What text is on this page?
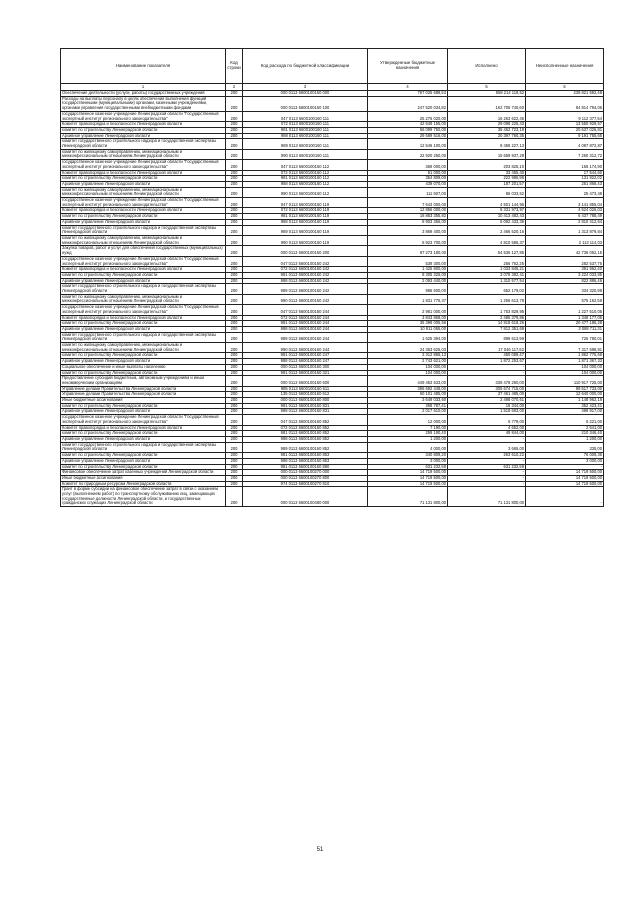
Наименование показателя	Код строки	Код расхода по бюджетной классификации	Утвержденные бюджетные назначения	Исполнено	Неисполненные назначения
1	2	3	4	5	6
Обеспечение деятельности (услуги, работы) государственных учреждений	200	000 0113 6600100160 000	797 025 689,53	558 214 118,52	238 821 592,48
Расходы на выплаты персоналу в целях обеспечения выполнения функций государственными (муниципальными) органами, казенными учреждениями, органами управления государственными внебюджетными фондами	200	000 0113 6600100160 100	247 520 034,82	162 705 740,60	84 814 794,06
государственное казенное учреждение Ленинградской области "Государственный экспертный институт регионального законодательства"	200	047 0113 6600100160 111	25 276 020,00	16 263 622,46	9 112 377,54
Комитет правопорядка и безопасности Ленинградской области	200	072 0113 6600100160 111	42 649 155,00	29 098 225,43	13 550 929,57
комитет по строительству Ленинградской области	200	981 0113 6600100160 111	56 099 750,00	35 462 723,19	20 637 026,81
Архивное управление Ленинградской области	200	988 0113 6600100160 111	29 589 516,00	20 397 760,35	9 191 755,65
комитет государственного строительного надзора и государственной экспертизы Ленинградской области	200	989 0113 6600100160 111	12 546 100,00	8 458 227,13	4 087 872,87
комитет по жилищному самоуправлению, межнациональным и межконфессиональным отношениям Ленинградской области	200	990 0113 6600100160 111	22 920 250,00	15 659 937,28	7 260 312,72
государственное казенное учреждение Ленинградской области "Государственный экспертный институт регионального законодательства"	200	047 0113 6600100160 112	369 000,00	203 825,10	165 174,90
Комитет правопорядка и безопасности Ленинградской области	200	072 0113 6600100160 112	51 000,00	33 455,40	17 544,60
комитет по строительству Ленинградской области	200	981 0113 6600100160 112	354 809,00	222 986,98	131 822,02
Архивное управление Ленинградской области	200	988 0113 6600100160 112	439 070,00	187 201,57	251 868,43
комитет по жилищному самоуправлению, межнациональным и межконфессиональным отношениям Ленинградской области	200	990 0113 6600100160 112	111 507,00	86 033,52	25 473,48
государственное казенное учреждение Ленинградской области "Государственный экспертный институт регионального законодательства"	200	047 0113 6600100160 119	7 643 000,00	4 501 144,96	3 141 855,04
Комитет правопорядка и безопасности Ленинградской области	200	072 0113 6600100160 119	12 856 000,00	8 331 973,97	4 524 026,03
комитет по строительству Ленинградской области	200	981 0113 6600100160 119	16 853 355,82	10 413 482,43	6 437 788,49
Архивное управление Ленинградской области	200	988 0113 6600100160 119	8 903 356,00	6 092 433,36	2 810 412,64
комитет государственного строительного надзора и государственной экспертизы Ленинградской области	200	989 0113 6600100160 119	3 869 400,00	2 466 520,16	1 313 879,84
комитет по жилищному самоуправлению, межнациональным и межконфессиональным отношениям Ленинградской области	200	990 0113 6600100160 119	6 923 700,00	4 810 586,37	2 113 114,03
Закупка товаров, работ и услуг для обеспечения государственных (муниципальных) нужд	200	000 0113 6600100160 200	97 273 180,00	54 536 127,85	42 736 052,15
государственное казенное учреждение Ленинградской области "Государственный экспертный институт регионального законодательства"	200	047 0113 6600100160 242	539 300,00	256 762,25	282 537,75
Комитет правопорядка и безопасности Ленинградской области	200	072 0113 6600100160 242	1 425 800,00	1 033 845,21	391 962,40
комитет по строительству Ленинградской области	200	981 0113 6600100160 242	8 305 326,00	3 078 392,41	3 224 033,85
Архивное управление Ленинградской области	200	988 0113 6600100160 242	2 093 440,00	1 310 577,54	822 886,46
комитет государственного строительного надзора и государственной экспертизы Ленинградской области	200	989 0113 6600100160 242	986 500,00	652 179,02	334 320,98
комитет по жилищному самоуправлению, межнациональным и межконфессиональным отношениям Ленинградской области	200	990 0113 6600100160 242	1 831 775,37	1 256 613,78	575 162,59
государственное казенное учреждение Ленинградской области "Государственный экспертный институт регионального законодательства"	200	047 0113 6600100160 244	2 981 000,00	1 753 829,95	1 227 510,05
Комитет правопорядка и безопасности Ленинградской области	200	072 0113 6600100160 244	3 843 868,00	2 486 379,86	1 348 177,06
комитет по строительству Ленинградской области	200	981 0113 6600100160 244	35 398 005,56	14 918 618,26	20 477 186,28
Архивное управление Ленинградской области	200	988 0113 6600100160 244	10 911 065,00	7 812 351,69	3 088 711,31
комитет государственного строительного надзора и государственной экспертизы Ленинградской области	200	989 0113 6600100160 244	1 625 394,00	898 613,99	726 780,01
комитет по жилищному самоуправлению, межнациональным и межконфессиональным отношениям Ленинградской области	200	990 0113 6600100160 244	24 363 626,03	17 046 117,62	7 317 598,81
комитет по строительству Ленинградской области	200	981 0113 6600100160 247	2 312 865,13	450 089,47	1 862 775,66
Архивное управление Ленинградской области	200	988 0113 6600100160 247	2 743 621,00	1 872 253,67	1 871 367,33
Социальное обеспечение и иные выплаты населению	200	000 0113 6600100160 300	104 000,00	-	104 000,00
комитет по строительству Ленинградской области	200	981 0113 6600100160 321	104 000,00	-	104 000,00
Предоставление субсидий бюджетным, автономным учреждениям и иным некоммерческим организациям	200	000 0113 6600100160 600	449 453 533,00	338 478 250,00	110 917 725,00
Управление делами Правительства Ленинградской области	200	985 0113 6600100160 611	395 592 448,00	305 674 715,00	89 517 733,00
Управление делами Правительства Ленинградской области	200	135 0113 6600100160 612	50 101 485,00	37 461 485,00	12 640 000,00
Иные бюджетные ассигнования	200	000 0113 6600100160 800	3 649 033,60	2 498 070,61	1 148 962,19
комитет по строительству Ленинградской области	200	981 0113 6600100160 831	368 787,41	16 344,00	352 423,41
Архивное управление Ленинградской области	200	988 0113 6600100160 831	2 017 610,00	1 518 693,00	498 917,00
государственное казенное учреждение Ленинградской области "Государственный экспертный институт регионального законодательства"	200	047 0113 6600100160 852	12 000,00	6 779,00	5 221,00
Комитет правопорядка и безопасности Ленинградской области	200	072 0113 6600100160 852	7 190,00	4 652,00	2 541,00
комитет по строительству Ленинградской области	200	981 0113 6600100160 852	259 190,40	49 844,00	210 346,40
Архивное управление Ленинградской области	200	988 0113 6600100160 852	1 200,00	-	1 200,00
комитет государственного строительного надзора и государственной экспертизы Ленинградской области	200	989 0113 6600100160 852	4 000,00	3 665,00	335,00
комитет по строительству Ленинградской области	200	981 0113 6600100160 853	340 809,20	263 610,22	76 009,36
Архивное управление Ленинградской области	200	988 0113 6600100160 853	3 000,00	-	3 000,00
комитет по строительству Ленинградской области	200	981 0113 6600100160 880	631 232,59	631 232,59	-
Финансовое обеспечение затрат казенных учреждений Ленинградской области	200	000 0113 6600100270 000	14 719 500,00	-	14 719 500,00
Иные бюджетные ассигнования	200	000 0113 6600100270 800	14 719 500,00	-	14 719 500,00
Комитет по природным ресурсам Ленинградской области	200	974 0113 6600100270 810	14 719 500,00	-	14 719 500,00
Грант в форме субсидии на финансовое обеспечение затрат в связи с оказанием услуг (выполнением работ) по транспортному обслуживанию лиц, замещающих государственные должности Ленинградской области, и государственных гражданских служащих Ленинградской области	200	000 0113 6600100480 000	71 131 800,00	71 131 800,00	-
51
